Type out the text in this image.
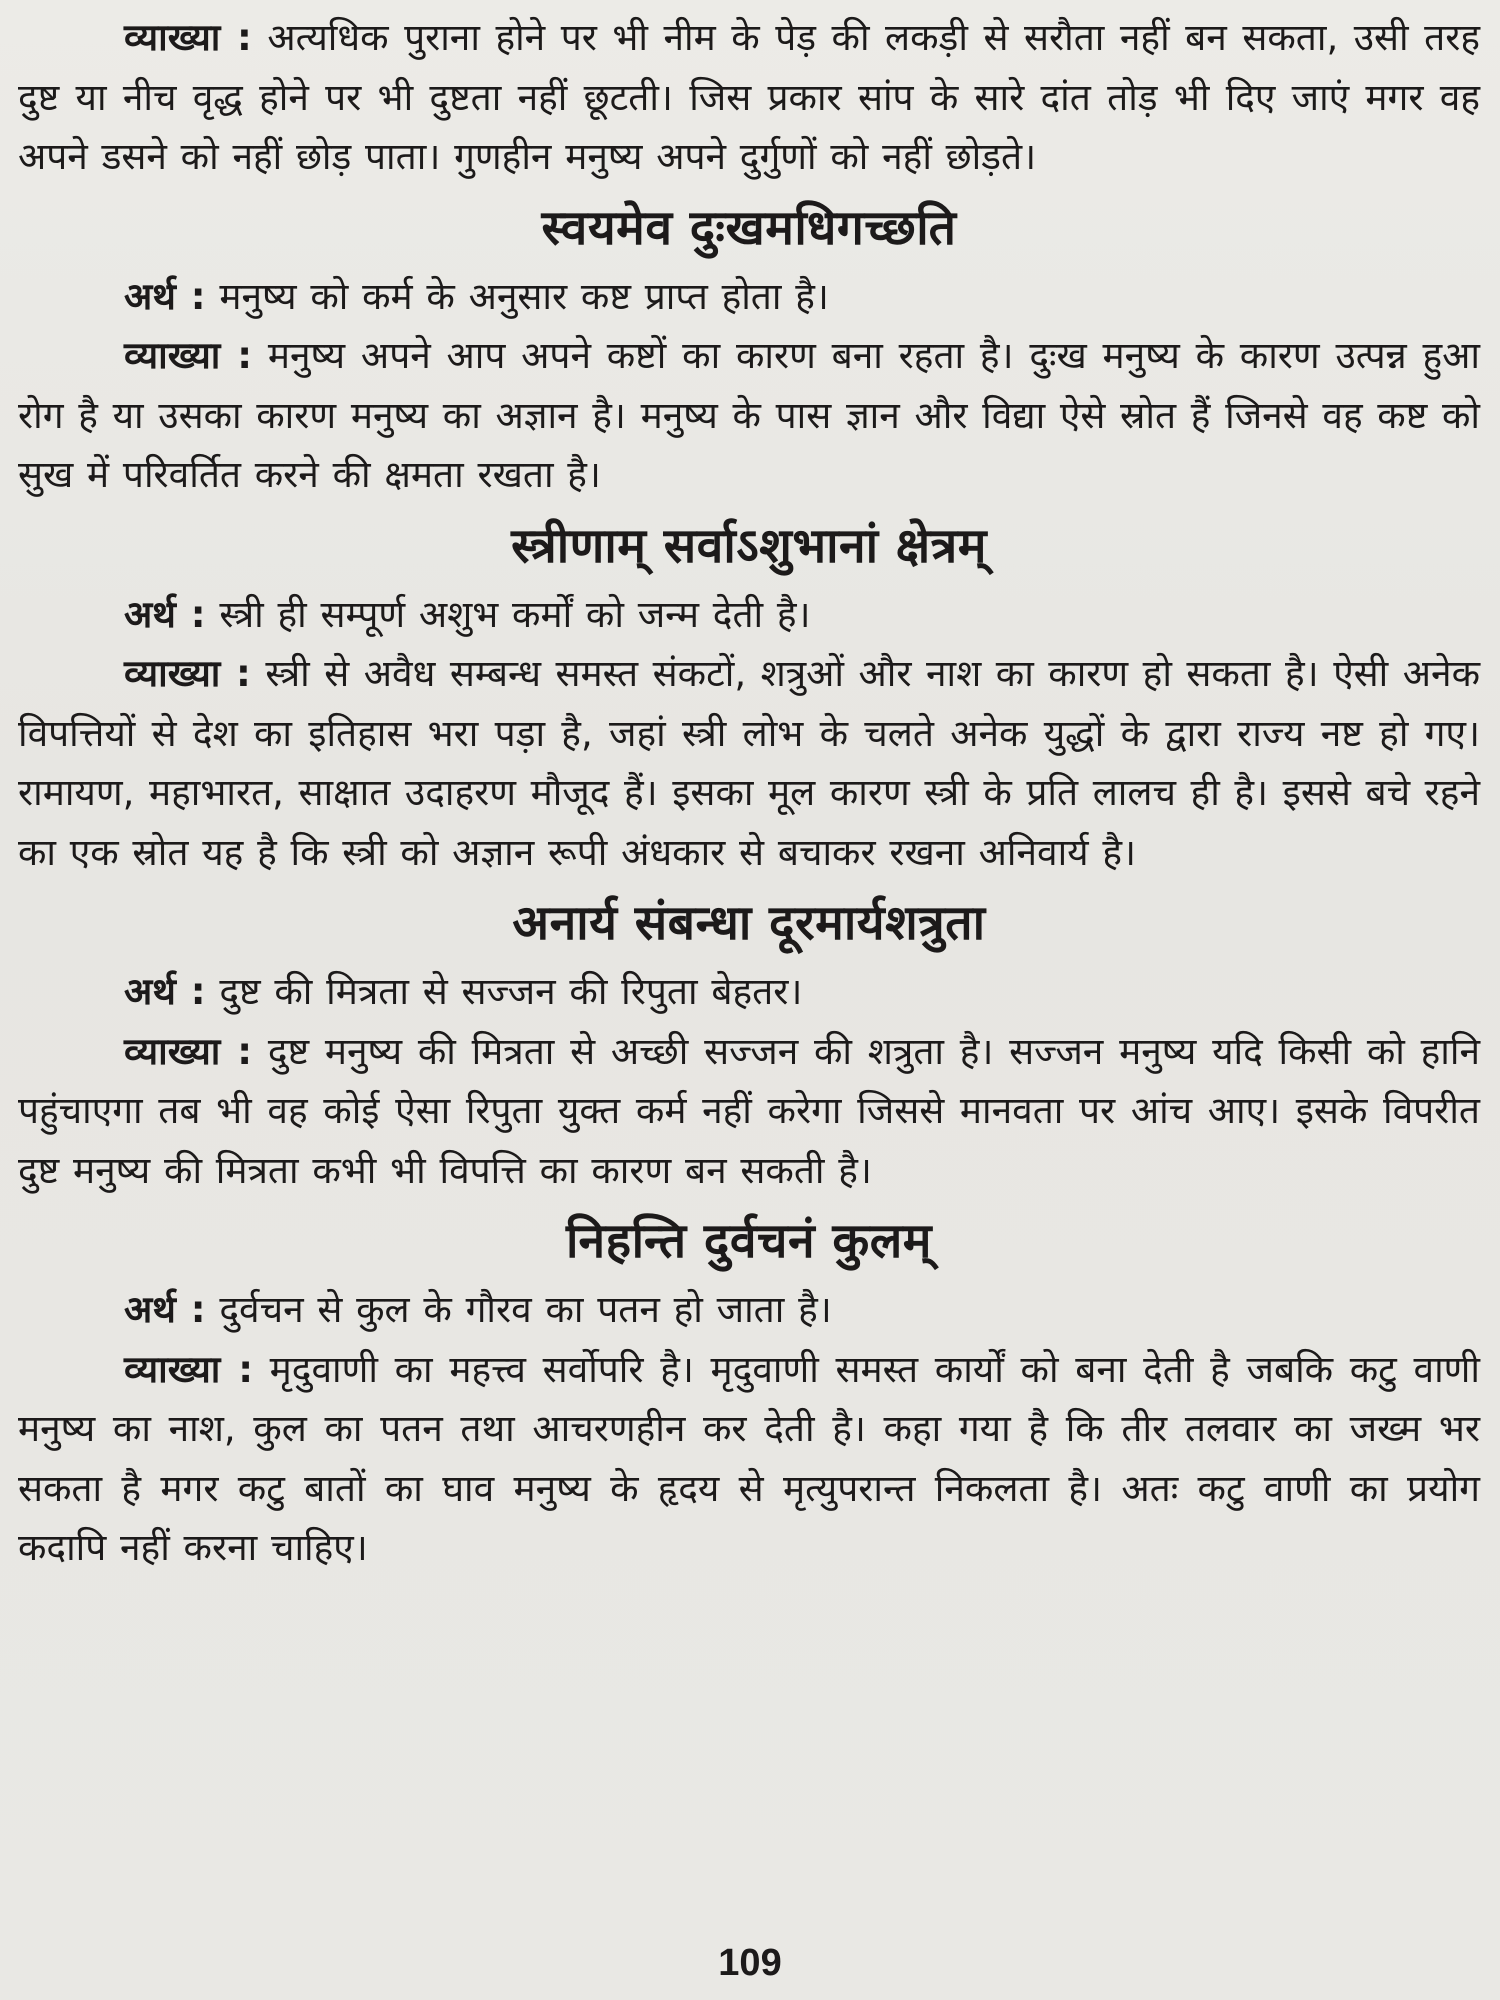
व्याख्या : अत्यधिक पुराना होने पर भी नीम के पेड़ की लकड़ी से सरौता नहीं बन सकता, उसी तरह दुष्ट या नीच वृद्ध होने पर भी दुष्टता नहीं छूटती। जिस प्रकार सांप के सारे दांत तोड़ भी दिए जाएं मगर वह अपने डसने को नहीं छोड़ पाता। गुणहीन मनुष्य अपने दुर्गुणों को नहीं छोड़ते।

स्वयमेव दुःखमधिगच्छति

अर्थ : मनुष्य को कर्म के अनुसार कष्ट प्राप्त होता है।

व्याख्या : मनुष्य अपने आप अपने कष्टों का कारण बना रहता है। दुःख मनुष्य के कारण उत्पन्न हुआ रोग है या उसका कारण मनुष्य का अज्ञान है। मनुष्य के पास ज्ञान और विद्या ऐसे स्रोत हैं जिनसे वह कष्ट को सुख में परिवर्तित करने की क्षमता रखता है।

स्त्रीणाम् सर्वाऽशुभानां क्षेत्रम्

अर्थ : स्त्री ही सम्पूर्ण अशुभ कर्मों को जन्म देती है।

व्याख्या : स्त्री से अवैध सम्बन्ध समस्त संकटों, शत्रुओं और नाश का कारण हो सकता है। ऐसी अनेक विपत्तियों से देश का इतिहास भरा पड़ा है, जहां स्त्री लोभ के चलते अनेक युद्धों के द्वारा राज्य नष्ट हो गए। रामायण, महाभारत, साक्षात उदाहरण मौजूद हैं। इसका मूल कारण स्त्री के प्रति लालच ही है। इससे बचे रहने का एक स्रोत यह है कि स्त्री को अज्ञान रूपी अंधकार से बचाकर रखना अनिवार्य है।

अनार्य संबन्धा दूरमार्यशत्रुता

अर्थ : दुष्ट की मित्रता से सज्जन की रिपुता बेहतर।

व्याख्या : दुष्ट मनुष्य की मित्रता से अच्छी सज्जन की शत्रुता है। सज्जन मनुष्य यदि किसी को हानि पहुंचाएगा तब भी वह कोई ऐसा रिपुता युक्त कर्म नहीं करेगा जिससे मानवता पर आंच आए। इसके विपरीत दुष्ट मनुष्य की मित्रता कभी भी विपत्ति का कारण बन सकती है।

निहन्ति दुर्वचनं कुलम्

अर्थ : दुर्वचन से कुल के गौरव का पतन हो जाता है।

व्याख्या : मृदुवाणी का महत्त्व सर्वोपरि है। मृदुवाणी समस्त कार्यों को बना देती है जबकि कटु वाणी मनुष्य का नाश, कुल का पतन तथा आचरणहीन कर देती है। कहा गया है कि तीर तलवार का जख्म भर सकता है मगर कटु बातों का घाव मनुष्य के हृदय से मृत्युपरान्त निकलता है। अतः कटु वाणी का प्रयोग कदापि नहीं करना चाहिए।

109
